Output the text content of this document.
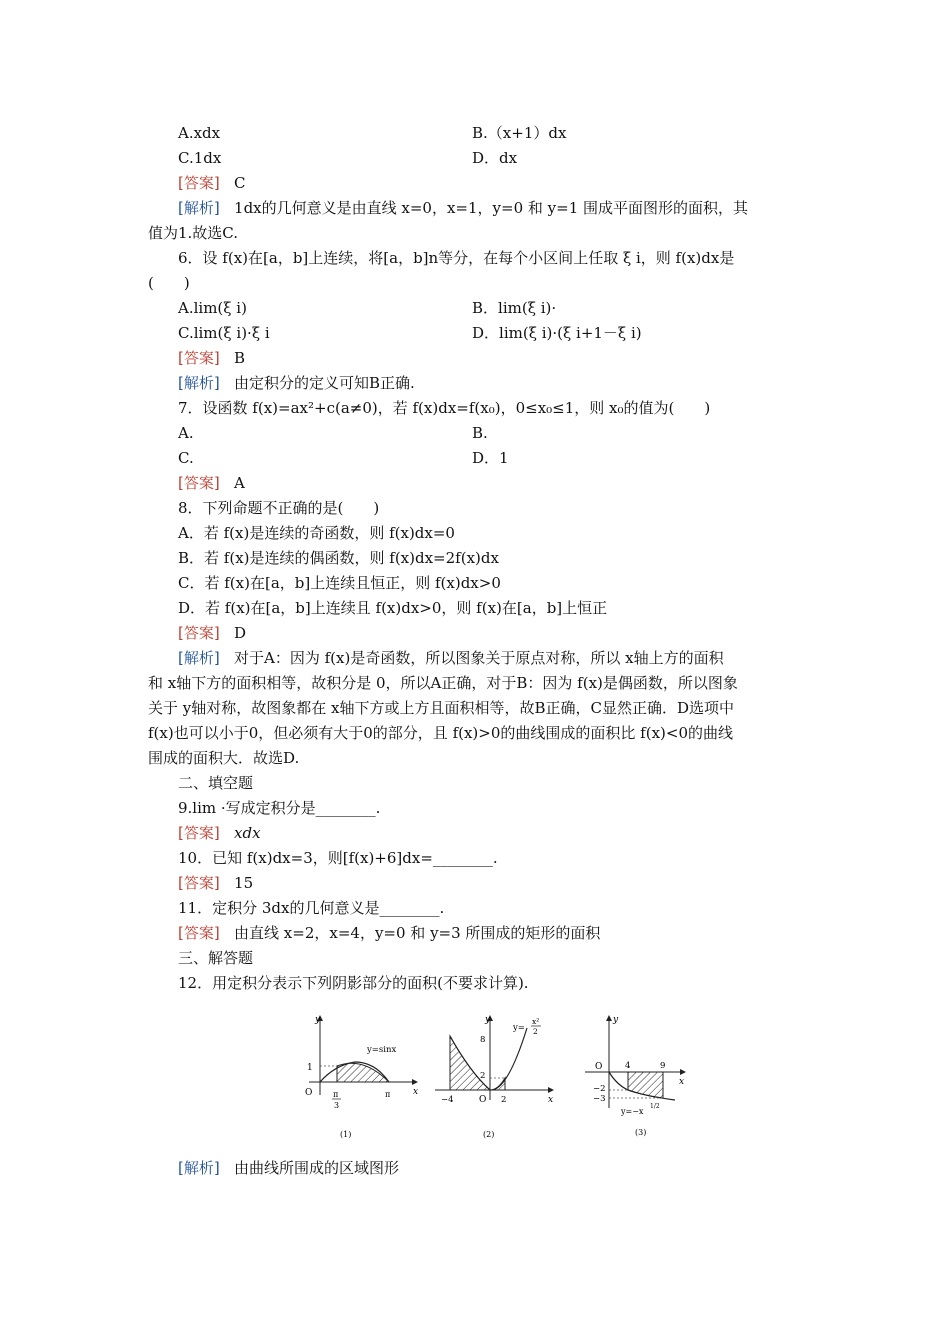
A.xdx	B.（x+1）dx
C.1dx	D．dx
[答案] C
[解析] 1dx的几何意义是由直线 x=0，x=1，y=0 和 y=1 围成平面图形的面积，其
值为1.故选C.
6．设 f(x)在[a，b]上连续，将[a，b]n等分，在每个小区间上任取 ξ i，则 f(x)dx是
(　　)
A.lim(ξ i)	B．lim(ξ i)·
C.lim(ξ i)·ξ i	D．lim(ξ i)·(ξ i+1－ξ i)
[答案] B
[解析] 由定积分的定义可知B正确.
7．设函数 f(x)=ax²+c(a≠0)，若 f(x)dx=f(x₀)，0≤x₀≤1，则 x₀的值为(　　)
A.	B.
C.	D．1
[答案] A
8．下列命题不正确的是(　　)
A．若 f(x)是连续的奇函数，则 f(x)dx=0
B．若 f(x)是连续的偶函数，则 f(x)dx=2f(x)dx
C．若 f(x)在[a，b]上连续且恒正，则 f(x)dx>0
D．若 f(x)在[a，b]上连续且 f(x)dx>0，则 f(x)在[a，b]上恒正
[答案] D
[解析] 对于A：因为 f(x)是奇函数，所以图象关于原点对称，所以 x轴上方的面积
和 x轴下方的面积相等，故积分是 0，所以A正确，对于B：因为 f(x)是偶函数，所以图象
关于 y轴对称，故图象都在 x轴下方或上方且面积相等，故B正确，C显然正确．D选项中
f(x)也可以小于0，但必须有大于0的部分，且 f(x)>0的曲线围成的面积比 f(x)<0的曲线
围成的面积大．故选D.
二、填空题
9.lim ·写成定积分是________.
[答案] xdx
10．已知 f(x)dx=3，则[f(x)+6]dx=________.
[答案] 15
11．定积分 3dx的几何意义是________.
[答案] 由直线 x=2，x=4，y=0 和 y=3 所围成的矩形的面积
三、解答题
12．用定积分表示下列阴影部分的面积(不要求计算).
y
x
O
1
y=sinx
π
3
π
(1)
y
x
O
8
2
−4	2
y=
x²
2
(2)
y
x
O	4	9
−2
−3
y=−x
1/2
(3)
[解析] 由曲线所围成的区域图形
